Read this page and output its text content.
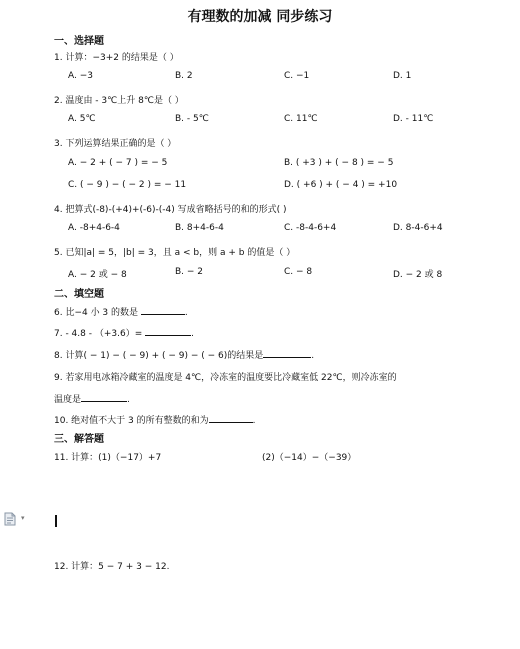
有理数的加减 同步练习
一、选择题
1. 计算：−3+2 的结果是（ ）
A. −3	B. 2	C. −1	D. 1
2. 温度由 - 3℃上升 8℃是（ ）
A. 5℃	B. - 5℃	C. 11℃	D. - 11℃
3. 下列运算结果正确的是（ ）
A. − 2 + ( − 7 ) = − 5	B. ( +3 ) + ( − 8 ) = − 5
C. ( − 9 ) − ( − 2 ) = − 11	D. ( +6 ) + ( − 4 ) = +10
4. 把算式(-8)-(+4)+(-6)-(-4) 写成省略括号的和的形式( )
A. -8+4-6-4	B. 8+4-6-4	C. -8-4-6+4	D. 8-4-6+4
5. 已知|a| = 5，|b| = 3，且 a < b，则 a + b 的值是（ ）
A. − 2 或 − 8	B. − 2	C. − 8	D. − 2 或 8
二、填空题
6. 比−4 小 3 的数是	.
7. - 4.8 - （+3.6）=	.
8. 计算( − 1) − ( − 9) + ( − 9) − ( − 6)的结果是	.
9. 若家用电冰箱冷藏室的温度是 4℃，冷冻室的温度要比冷藏室低 22℃，则冷冻室的
温度是	.
10. 绝对值不大于 3 的所有整数的和为	.
三、解答题
11. 计算：(1)（−17）+7	(2)（−14）−（−39）
▾
12. 计算：5 − 7 + 3 − 12.
